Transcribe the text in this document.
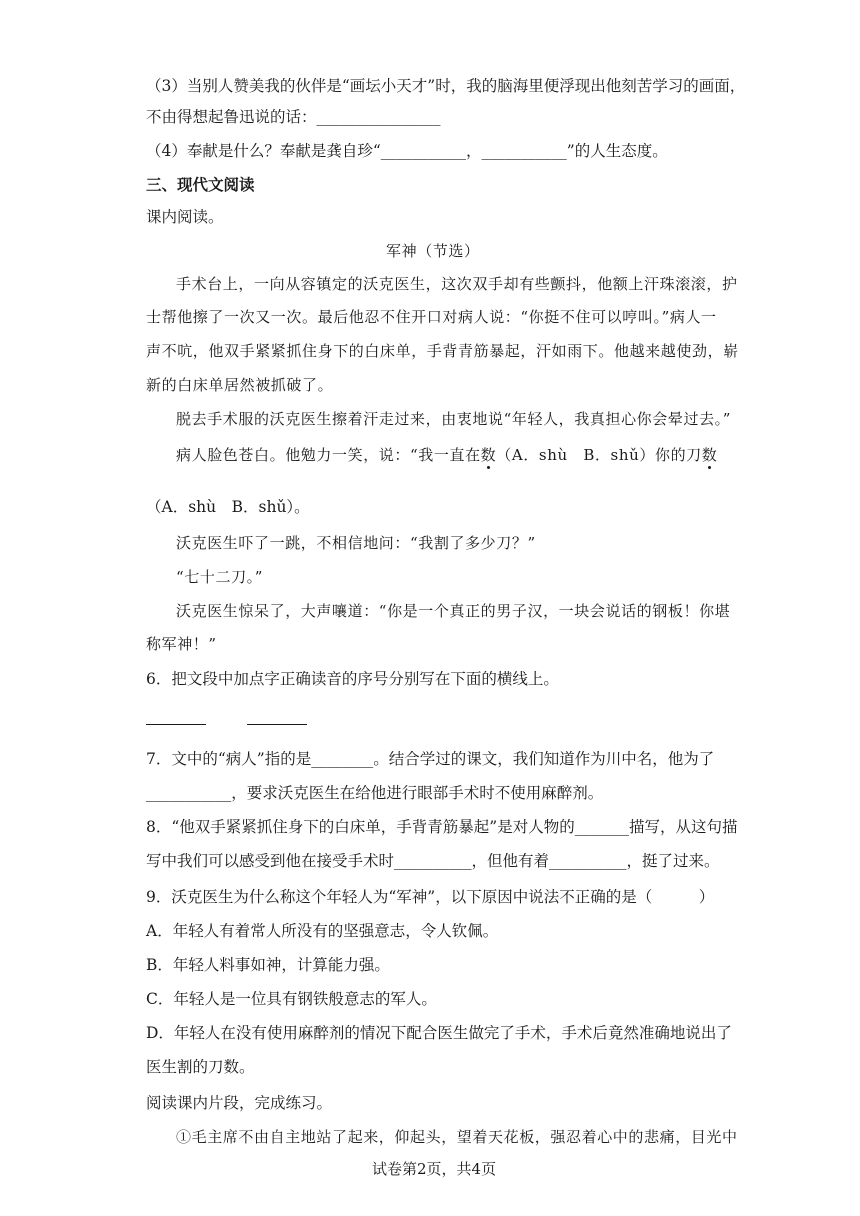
（3）当别人赞美我的伙伴是“画坛小天才”时，我的脑海里便浮现出他刻苦学习的画面，
不由得想起鲁迅说的话：________________
（4）奉献是什么？奉献是龚自珍“___________，___________”的人生态度。
三、现代文阅读
课内阅读。
军神（节选）
手术台上，一向从容镇定的沃克医生，这次双手却有些颤抖，他额上汗珠滚滚，护
士帮他擦了一次又一次。最后他忍不住开口对病人说：“你挺不住可以哼叫。”病人一
声不吭，他双手紧紧抓住身下的白床单，手背青筋暴起，汗如雨下。他越来越使劲，崭
新的白床单居然被抓破了。
脱去手术服的沃克医生擦着汗走过来，由衷地说“年轻人，我真担心你会晕过去。”
病人脸色苍白。他勉力一笑，说：“我一直在数（A．shù　B．shǔ）你的刀数
（A．shù　B．shǔ）。
沃克医生吓了一跳，不相信地问：“我割了多少刀？”
“七十二刀。”
沃克医生惊呆了，大声嚷道：“你是一个真正的男子汉，一块会说话的钢板！你堪
称军神！”
6．把文段中加点字正确读音的序号分别写在下面的横线上。
7．文中的“病人”指的是________。结合学过的课文，我们知道作为川中名，他为了
___________，要求沃克医生在给他进行眼部手术时不使用麻醉剂。
8．“他双手紧紧抓住身下的白床单，手背青筋暴起”是对人物的_______描写，从这句描
写中我们可以感受到他在接受手术时__________，但他有着__________，挺了过来。
9．沃克医生为什么称这个年轻人为“军神”，以下原因中说法不正确的是（　　　）
A．年轻人有着常人所没有的坚强意志，令人钦佩。
B．年轻人料事如神，计算能力强。
C．年轻人是一位具有钢铁般意志的军人。
D．年轻人在没有使用麻醉剂的情况下配合医生做完了手术，手术后竟然准确地说出了
医生割的刀数。
阅读课内片段，完成练习。
①毛主席不由自主地站了起来，仰起头，望着天花板，强忍着心中的悲痛，目光中
试卷第2页，共4页
